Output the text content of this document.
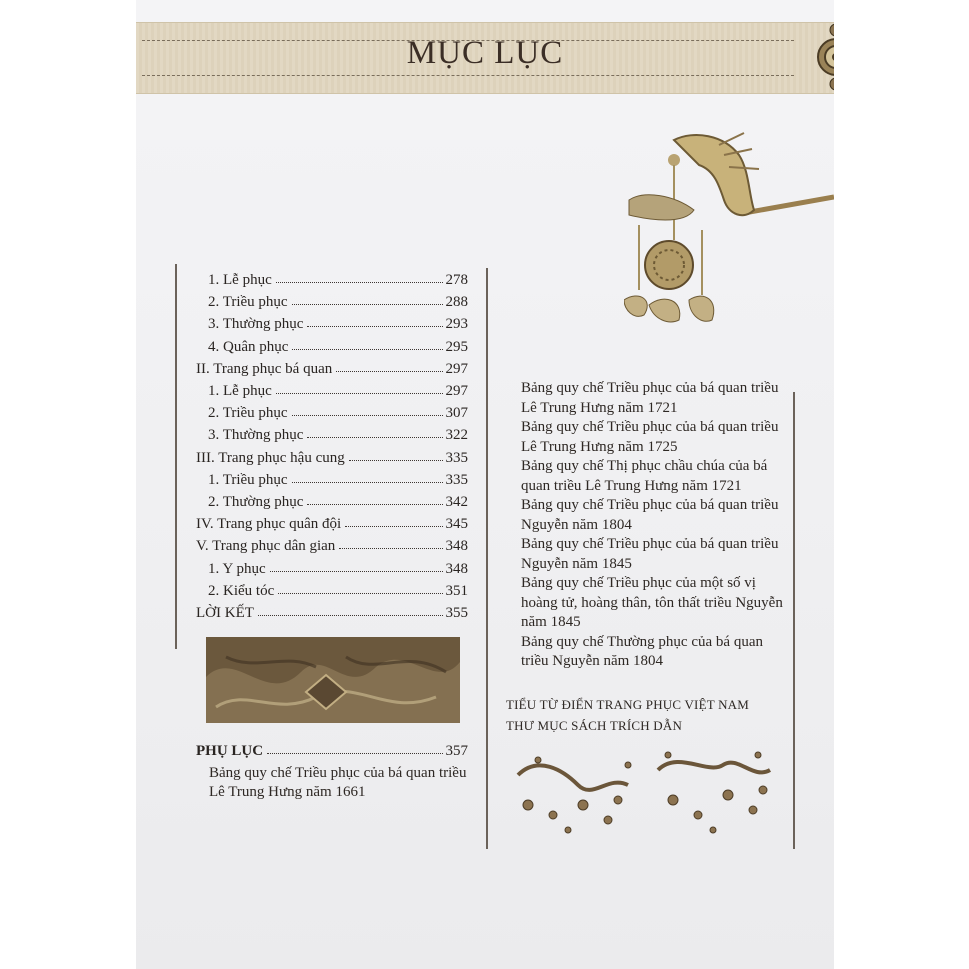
MỤC LỤC
1. Lễ phục	278
2. Triều phục	288
3. Thường phục	293
4. Quân phục	295
II. Trang phục bá quan	297
1. Lễ phục	297
2. Triều phục	307
3. Thường phục	322
III. Trang phục hậu cung	335
1. Triều phục	335
2. Thường phục	342
IV. Trang phục quân đội	345
V. Trang phục dân gian	348
1. Y phục	348
2. Kiểu tóc	351
LỜI KẾT	355
PHỤ LỤC	357
Bảng quy chế Triều phục của bá quan triều
Lê Trung Hưng năm 1661
Bảng quy chế Triều phục của bá quan triều
Lê Trung Hưng năm 1721
Bảng quy chế Triều phục của bá quan triều
Lê Trung Hưng năm 1725
Bảng quy chế Thị phục chầu chúa của bá
quan triều Lê Trung Hưng năm 1721
Bảng quy chế Triều phục của bá quan triều
Nguyễn năm 1804
Bảng quy chế Triều phục của bá quan triều
Nguyễn năm 1845
Bảng quy chế Triều phục của một số vị
hoàng tử, hoàng thân, tôn thất triều Nguyễn
năm 1845
Bảng quy chế Thường phục của bá quan
triều Nguyễn năm 1804
TIỂU TỪ ĐIỂN TRANG PHỤC VIỆT NAM
THƯ MỤC SÁCH TRÍCH DẪN
